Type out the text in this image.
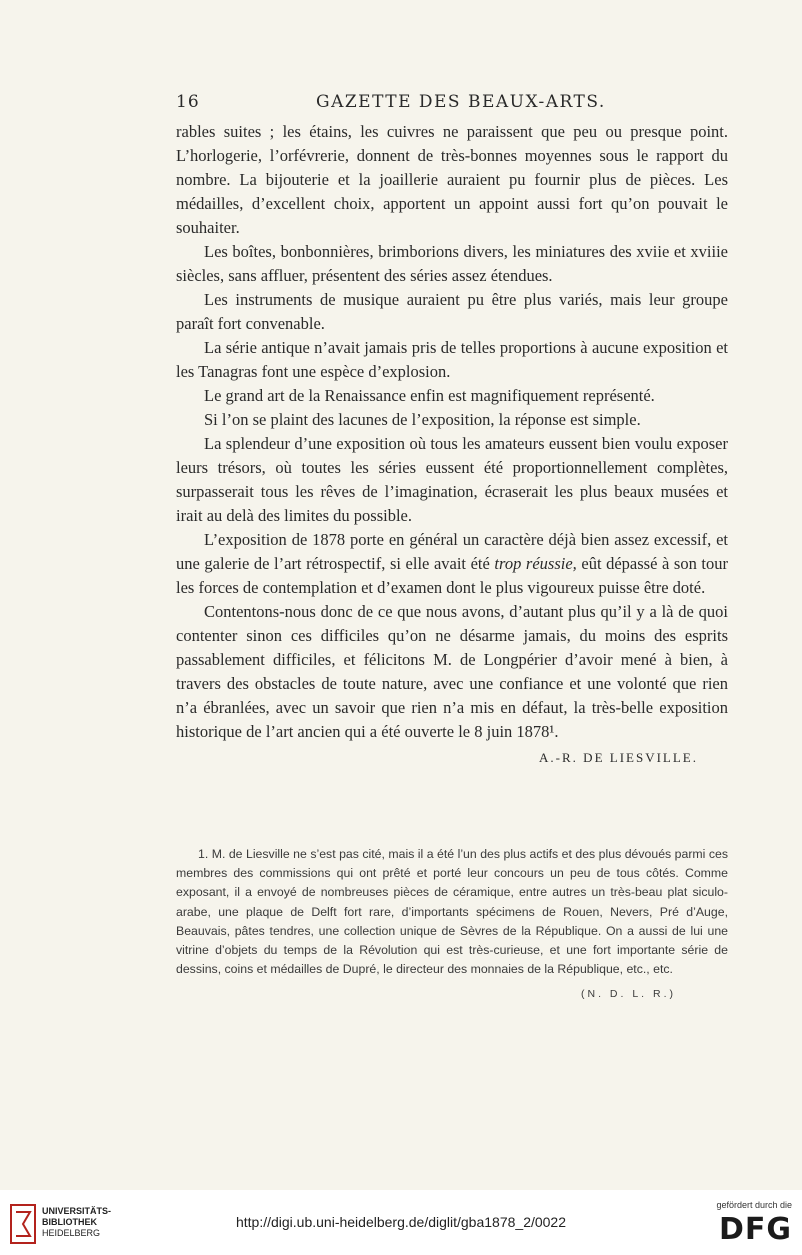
16	GAZETTE DES BEAUX-ARTS.

rables suites ; les étains, les cuivres ne paraissent que peu ou presque point. L’horlogerie, l’orfévrerie, donnent de très-bonnes moyennes sous le rapport du nombre. La bijouterie et la joaillerie auraient pu fournir plus de pièces. Les médailles, d’excellent choix, apportent un appoint aussi fort qu’on pouvait le souhaiter.

Les boîtes, bonbonnières, brimborions divers, les miniatures des xviie et xviiie siècles, sans affluer, présentent des séries assez étendues.

Les instruments de musique auraient pu être plus variés, mais leur groupe paraît fort convenable.

La série antique n’avait jamais pris de telles proportions à aucune exposition et les Tanagras font une espèce d’explosion.

Le grand art de la Renaissance enfin est magnifiquement représenté.

Si l’on se plaint des lacunes de l’exposition, la réponse est simple.

La splendeur d’une exposition où tous les amateurs eussent bien voulu exposer leurs trésors, où toutes les séries eussent été proportionnellement complètes, surpasserait tous les rêves de l’imagination, écraserait les plus beaux musées et irait au delà des limites du possible.

L’exposition de 1878 porte en général un caractère déjà bien assez excessif, et une galerie de l’art rétrospectif, si elle avait été trop réussie, eût dépassé à son tour les forces de contemplation et d’examen dont le plus vigoureux puisse être doté.

Contentons-nous donc de ce que nous avons, d’autant plus qu’il y a là de quoi contenter sinon ces difficiles qu’on ne désarme jamais, du moins des esprits passablement difficiles, et félicitons M. de Longpérier d’avoir mené à bien, à travers des obstacles de toute nature, avec une confiance et une volonté que rien n’a ébranlées, avec un savoir que rien n’a mis en défaut, la très-belle exposition historique de l’art ancien qui a été ouverte le 8 juin 1878¹.

A.-R. DE LIESVILLE.

1. M. de Liesville ne s’est pas cité, mais il a été l’un des plus actifs et des plus dévoués parmi ces membres des commissions qui ont prêté et porté leur concours un peu de tous côtés. Comme exposant, il a envoyé de nombreuses pièces de céramique, entre autres un très-beau plat siculo-arabe, une plaque de Delft fort rare, d’importants spécimens de Rouen, Nevers, Pré d’Auge, Beauvais, pâtes tendres, une collection unique de Sèvres de la République. On a aussi de lui une vitrine d’objets du temps de la Révolution qui est très-curieuse, et une fort importante série de dessins, coins et médailles de Dupré, le directeur des monnaies de la République, etc., etc.

(N. D. L. R.)
UNIVERSITÄTS-
BIBLIOTHEK
HEIDELBERG
http://digi.ub.uni-heidelberg.de/diglit/gba1878_2/0022
gefördert durch die
DFG
